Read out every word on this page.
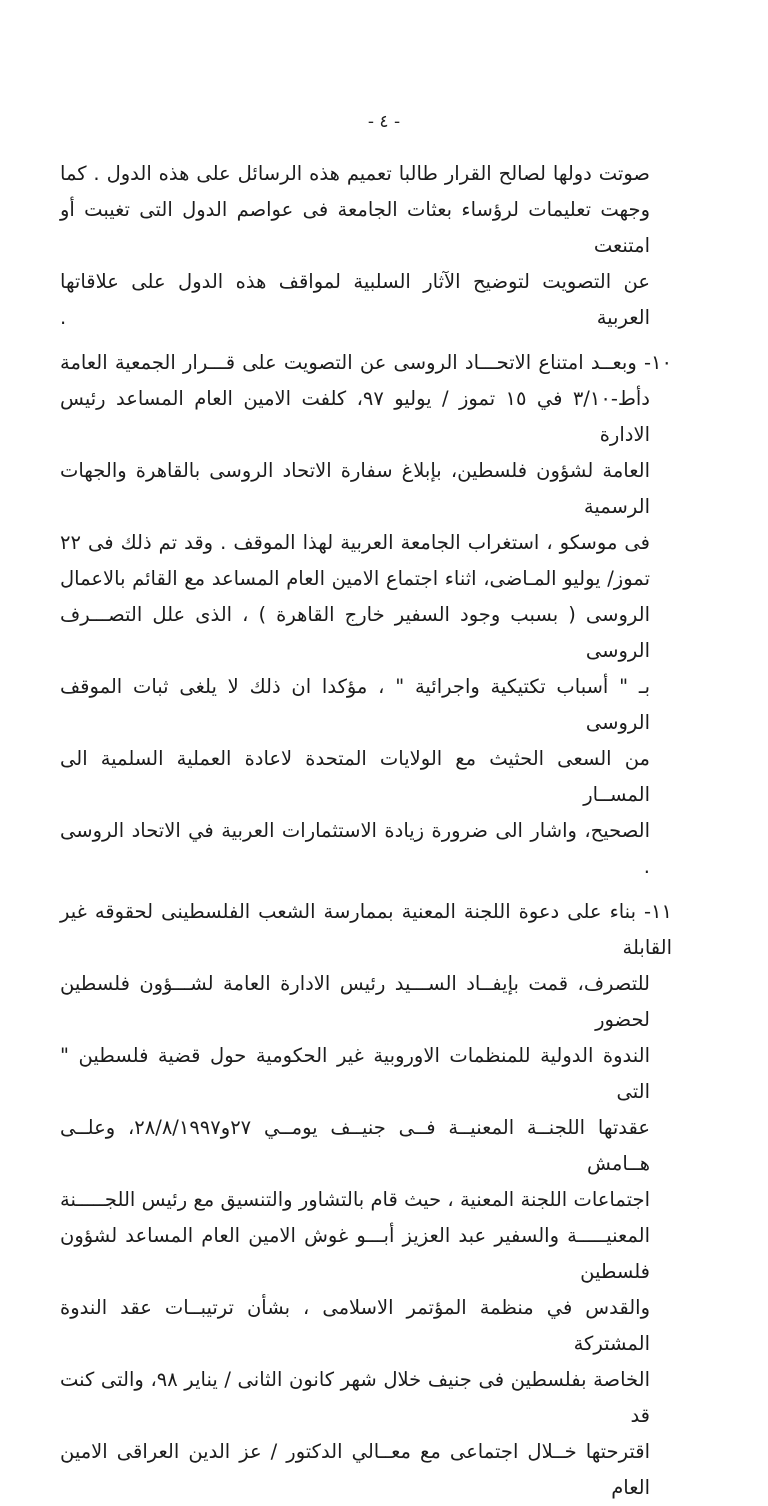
- ٤ -
صوتت دولها لصالح القرار طالبا تعميم هذه الرسائل على هذه الدول . كما
وجهت تعليمات لرؤساء بعثات الجامعة فى عواصم الدول التى تغيبت أو امتنعت
عن التصويت لتوضيح الآثار السلبية لمواقف هذه الدول على علاقاتها العربية .
١٠- وبعــد امتناع الاتحـــاد الروسى عن التصويت على قـــرار الجمعية العامة
دأط-٣/١٠ في ١٥ تموز / يوليو ٩٧، كلفت الامين العام المساعد رئيس الادارة
العامة لشؤون فلسطين، بإبلاغ سفارة الاتحاد الروسى بالقاهرة والجهات الرسمية
فى موسكو ، استغراب الجامعة العربية لهذا الموقف . وقد تم ذلك فى ٢٢
تموز/ يوليو المـاضى، اثناء اجتماع الامين العام المساعد مع القائم بالاعمال
الروسى ( بسبب وجود السفير خارج القاهرة ) ، الذى علل التصـــرف الروسى
بـ " أسباب تكتيكية واجرائية " ، مؤكدا ان ذلك لا يلغى ثبات الموقف الروسى
من السعى الحثيث مع الولايات المتحدة لاعادة العملية السلمية الى المســار
الصحيح، واشار الى ضرورة زيادة الاستثمارات العربية في الاتحاد الروسى .
١١- بناء على دعوة اللجنة المعنية بممارسة الشعب الفلسطينى لحقوقه غير القابلة
للتصرف، قمت بإيفــاد الســـيد رئيس الادارة العامة لشـــؤون فلسطين لحضور
الندوة الدولية للمنظمات الاوروبية غير الحكومية حول قضية فلسطين " التى
عقدتها اللجنــة المعنيــة فــى جنيــف يومــي ٢٧و٢٨/٨/١٩٩٧، وعلــى هــامش
اجتماعات اللجنة المعنية ، حيث قام بالتشاور والتنسيق مع رئيس اللجـــــنة
المعنيـــــة والسفير عبد العزيز أبـــو غوش الامين العام المساعد لشؤون فلسطين
والقدس في منظمة المؤتمر الاسلامى ، بشأن ترتيبــات عقد الندوة المشتركة
الخاصة بفلسطين فى جنيف خلال شهر كانون الثانى / يناير ٩٨، والتى كنت قد
اقترحتها خــلال اجتماعى مع معــالي الدكتور / عز الدين العراقى الامين العام
